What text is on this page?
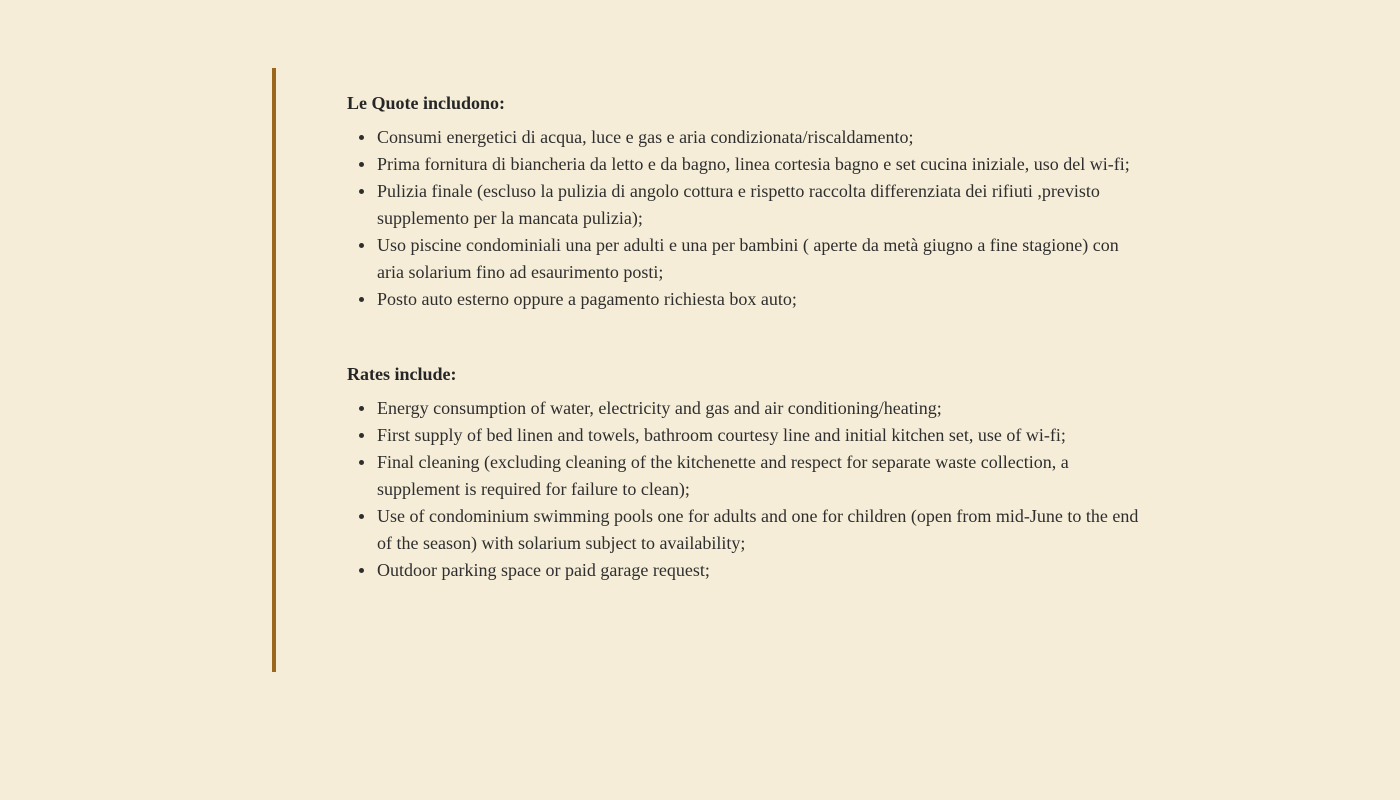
Le Quote includono:
Consumi energetici di acqua, luce e gas e aria condizionata/riscaldamento;
Prima fornitura di biancheria da letto e da bagno, linea cortesia bagno e set cucina iniziale, uso del wi-fi;
Pulizia finale (escluso la pulizia di angolo cottura e rispetto raccolta differenziata dei rifiuti ,previsto supplemento per la mancata pulizia);
Uso piscine condominiali una per adulti e una per bambini ( aperte da metà giugno a fine stagione) con aria solarium fino ad esaurimento posti;
Posto auto esterno oppure a pagamento richiesta box auto;
Rates include:
Energy consumption of water, electricity and gas and air conditioning/heating;
First supply of bed linen and towels, bathroom courtesy line and initial kitchen set, use of wi-fi;
Final cleaning (excluding cleaning of the kitchenette and respect for separate waste collection, a supplement is required for failure to clean);
Use of condominium swimming pools one for adults and one for children (open from mid-June to the end of the season) with solarium subject to availability;
Outdoor parking space or paid garage request;
